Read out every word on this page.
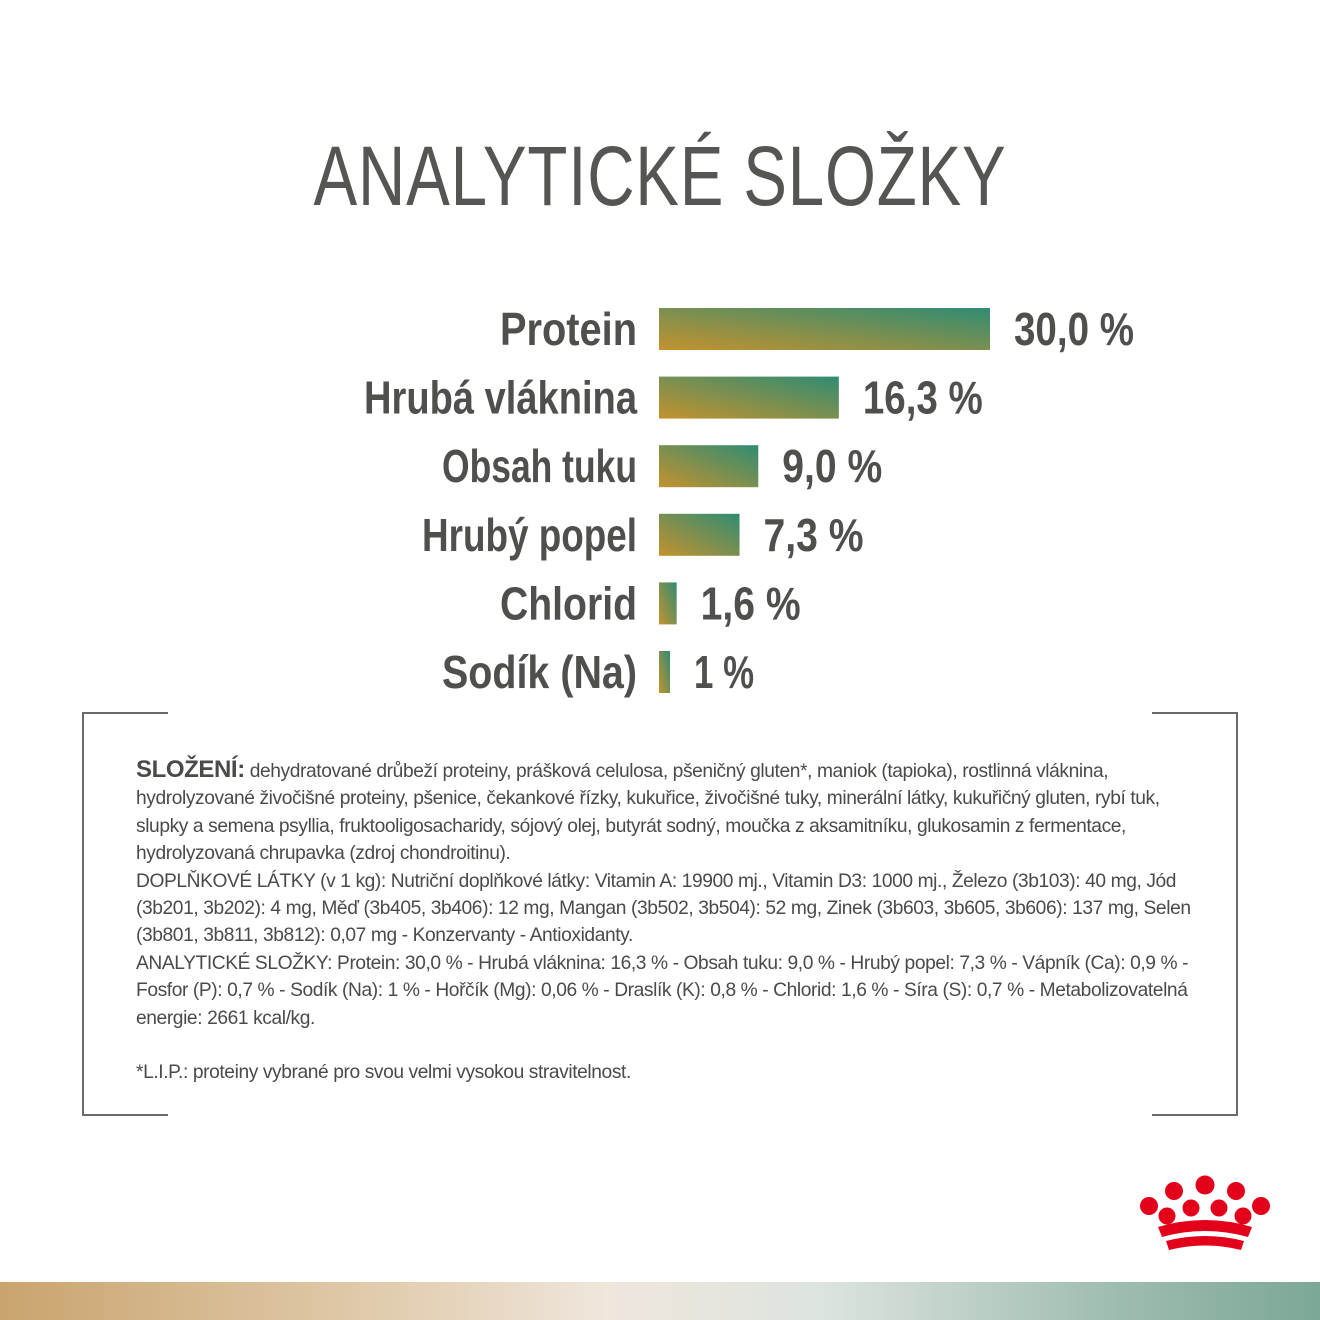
ANALYTICKÉ SLOŽKY
Protein	30,0 %
Hrubá vláknina	16,3 %
Obsah tuku	9,0 %
Hrubý popel	7,3 %
Chlorid 1,6 %
Sodík (Na) 1 %

SLOŽENÍ: dehydratované drůbeží proteiny, prášková celulosa, pšeničný gluten*, maniok (tapioka), rostlinná vláknina, hydrolyzované živočišné proteiny, pšenice, čekankové řízky, kukuřice, živočišné tuky, minerální látky, kukuřičný gluten, rybí tuk, slupky a semena psyllia, fruktooligosacharidy, sójový olej, butyrát sodný, moučka z aksamitníku, glukosamin z fermentace, hydrolyzovaná chrupavka (zdroj chondroitinu).

DOPLŇKOVÉ LÁTKY (v 1 kg): Nutriční doplňkové látky: Vitamin A: 19900 mj., Vitamin D3: 1000 mj., Železo (3b103): 40 mg, Jód (3b201, 3b202): 4 mg, Měď (3b405, 3b406): 12 mg, Mangan (3b502, 3b504): 52 mg, Zinek (3b603, 3b605, 3b606): 137 mg, Selen (3b801, 3b811, 3b812): 0,07 mg - Konzervanty - Antioxidanty.

ANALYTICKÉ SLOŽKY: Protein: 30,0 % - Hrubá vláknina: 16,3 % - Obsah tuku: 9,0 % - Hrubý popel: 7,3 % - Vápník (Ca): 0,9 % - Fosfor (P): 0,7 % - Sodík (Na): 1 % - Hořčík (Mg): 0,06 % - Draslík (K): 0,8 % - Chlorid: 1,6 % - Síra (S): 0,7 % - Metabolizovatelná energie: 2661 kcal/kg.

*L.I.P.: proteiny vybrané pro svou velmi vysokou stravitelnost.
